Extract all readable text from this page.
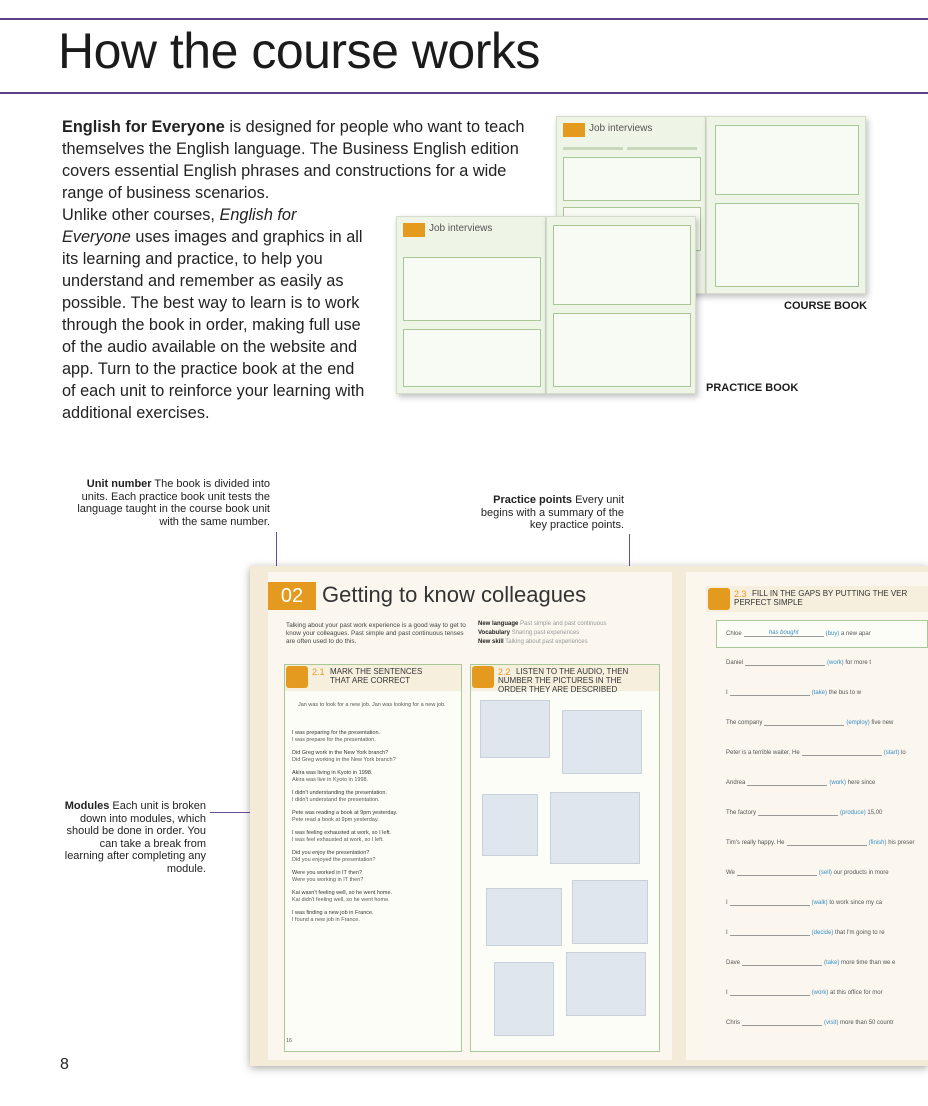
How the course works

English for Everyone is designed for people who want to teach themselves the English language. The Business English edition covers essential English phrases and constructions for a wide range of business scenarios.

Unlike other courses, English for Everyone uses images and graphics in all its learning and practice, to help you understand and remember as easily as possible. The best way to learn is to work through the book in order, making full use of the audio available on the website and app. Turn to the practice book at the end of each unit to reinforce your learning with additional exercises.

Job interviews
Job interviews
COURSE BOOK
PRACTICE BOOK
Unit number The book is divided into units. Each practice book unit tests the language taught in the course book unit with the same number.
Practice points Every unit begins with a summary of the key practice points.
Modules Each unit is broken down into modules, which should be done in order. You can take a break from learning after completing any module.
02 Getting to know colleagues
Talking about your past work experience is a good way to get to know your colleagues. Past simple and past continuous tenses are often used to do this.
New language Past simple and past continuous
Vocabulary Sharing past experiences
New skill Talking about past experiences
2.1 MARK THE SENTENCES THAT ARE CORRECT
Jan was to look for a new job. Jan was looking for a new job.
I was preparing for the presentation.
I was prepare for the presentation.
Did Greg work in the New York branch?
Did Greg working in the New York branch?
Akira was living in Kyoto in 1998.
Akira was live in Kyoto in 1998.
I didn't understanding the presentation.
I didn't understand the presentation.
Pete was reading a book at 9pm yesterday.
Pete read a book at 9pm yesterday.
I was feeling exhausted at work, so I left.
I was feel exhausted at work, so I left.
Did you enjoy the presentation?
Did you enjoyed the presentation?
Were you worked in IT then?
Were you working in IT then?
Kai wasn't feeling well, so he went home.
Kai didn't feeling well, so he went home.
I was finding a new job in France.
I found a new job in France.
16
2.2 LISTEN TO THE AUDIO, THEN NUMBER THE PICTURES IN THE ORDER THEY ARE DESCRIBED
2.3 FILL IN THE GAPS BY PUTTING THE VER PERFECT SIMPLE
Chloe	has bought	(buy) a new apar
Daniel	(work) for more t
I	(take) the bus to w
The company	(employ) five new
Peter is a terrible waiter. He	(start) lo
Andrea	(work) here since
The factory	(produce) 15,00
Tim's really happy. He	(finish) his preser
We	(sell) our products in more
I	(walk) to work since my ca
I	(decide) that I'm going to re
Dave	(take) more time than we e
I	(work) at this office for mor
Chris	(visit) more than 50 countr
8
